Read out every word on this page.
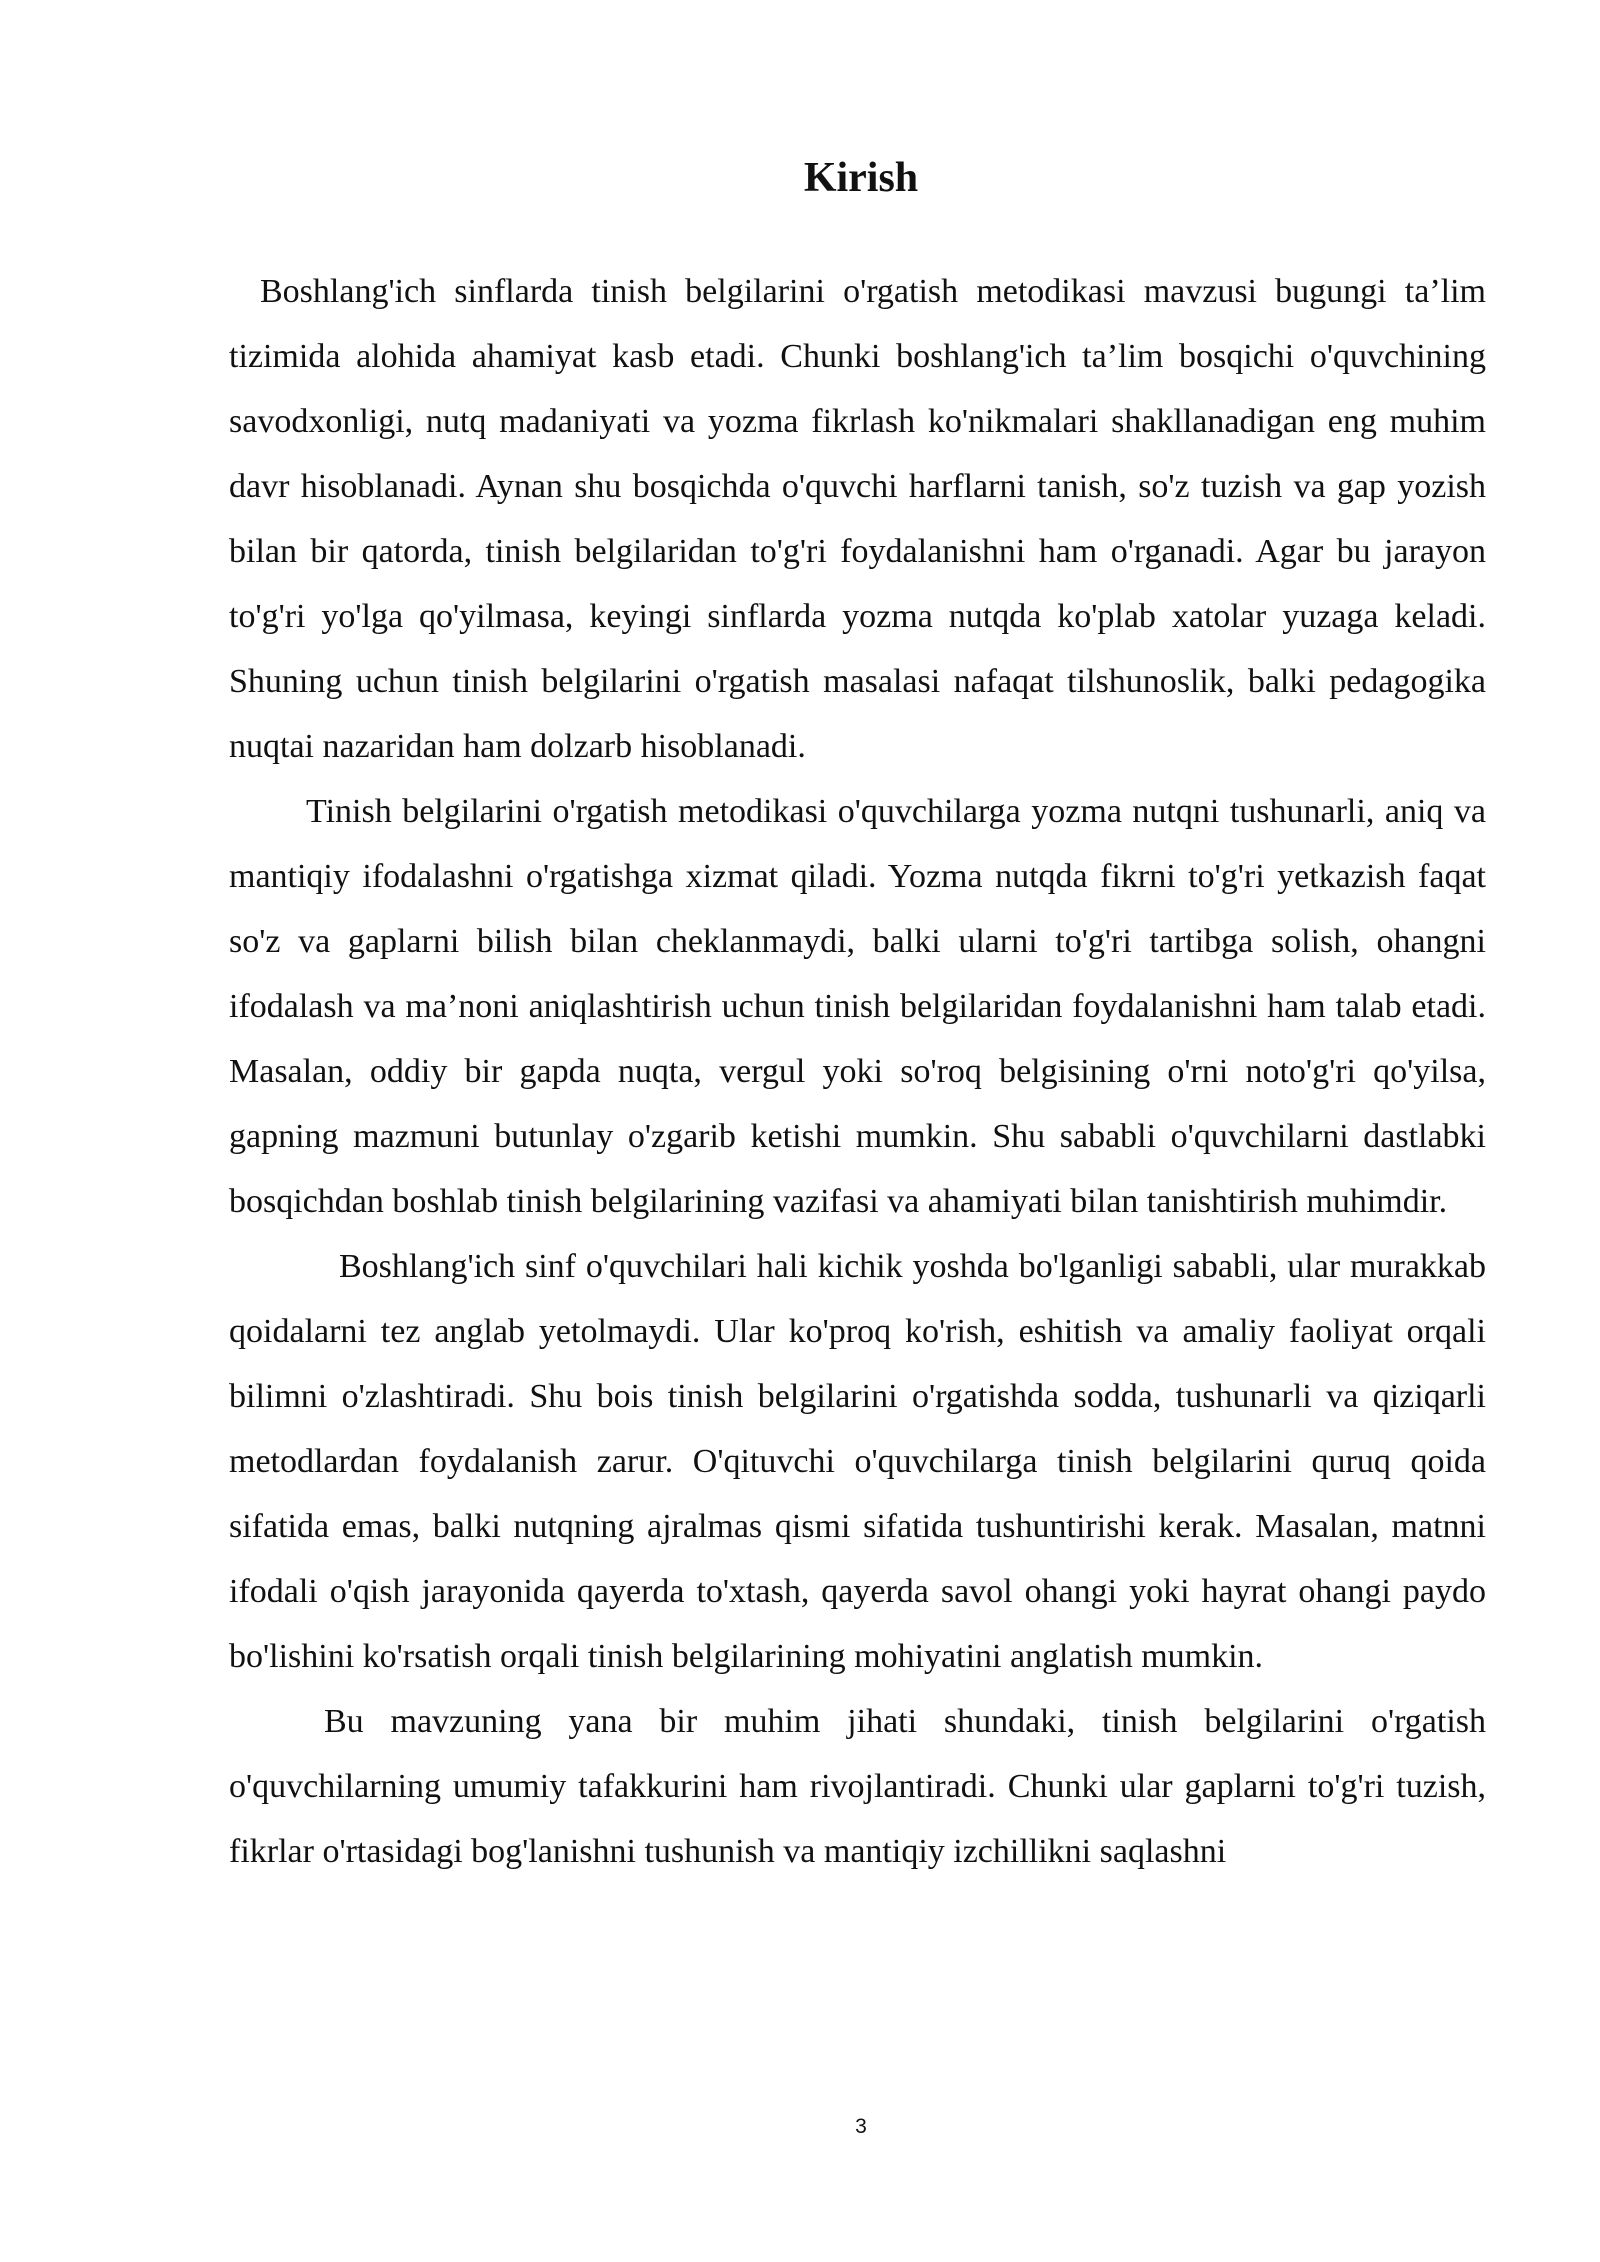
Kirish

Boshlang'ich sinflarda tinish belgilarini o'rgatish metodikasi mavzusi bugungi ta’lim tizimida alohida ahamiyat kasb etadi. Chunki boshlang'ich ta’lim bosqichi o'quvchining savodxonligi, nutq madaniyati va yozma fikrlash ko'nikmalari shakllanadigan eng muhim davr hisoblanadi. Aynan shu bosqichda o'quvchi harflarni tanish, so'z tuzish va gap yozish bilan bir qatorda, tinish belgilaridan to'g'ri foydalanishni ham o'rganadi. Agar bu jarayon to'g'ri yo'lga qo'yilmasa, keyingi sinflarda yozma nutqda ko'plab xatolar yuzaga keladi. Shuning uchun tinish belgilarini o'rgatish masalasi nafaqat tilshunoslik, balki pedagogika nuqtai nazaridan ham dolzarb hisoblanadi.

Tinish belgilarini o'rgatish metodikasi o'quvchilarga yozma nutqni tushunarli, aniq va mantiqiy ifodalashni o'rgatishga xizmat qiladi. Yozma nutqda fikrni to'g'ri yetkazish faqat so'z va gaplarni bilish bilan cheklanmaydi, balki ularni to'g'ri tartibga solish, ohangni ifodalash va ma’noni aniqlashtirish uchun tinish belgilaridan foydalanishni ham talab etadi. Masalan, oddiy bir gapda nuqta, vergul yoki so'roq belgisining o'rni noto'g'ri qo'yilsa, gapning mazmuni butunlay o'zgarib ketishi mumkin. Shu sababli o'quvchilarni dastlabki bosqichdan boshlab tinish belgilarining vazifasi va ahamiyati bilan tanishtirish muhimdir.

Boshlang'ich sinf o'quvchilari hali kichik yoshda bo'lganligi sababli, ular murakkab qoidalarni tez anglab yetolmaydi. Ular ko'proq ko'rish, eshitish va amaliy faoliyat orqali bilimni o'zlashtiradi. Shu bois tinish belgilarini o'rgatishda sodda, tushunarli va qiziqarli metodlardan foydalanish zarur. O'qituvchi o'quvchilarga tinish belgilarini quruq qoida sifatida emas, balki nutqning ajralmas qismi sifatida tushuntirishi kerak. Masalan, matnni ifodali o'qish jarayonida qayerda to'xtash, qayerda savol ohangi yoki hayrat ohangi paydo bo'lishini ko'rsatish orqali tinish belgilarining mohiyatini anglatish mumkin.

Bu mavzuning yana bir muhim jihati shundaki, tinish belgilarini o'rgatish o'quvchilarning umumiy tafakkurini ham rivojlantiradi. Chunki ular gaplarni to'g'ri tuzish, fikrlar o'rtasidagi bog'lanishni tushunish va mantiqiy izchillikni saqlashni

3
